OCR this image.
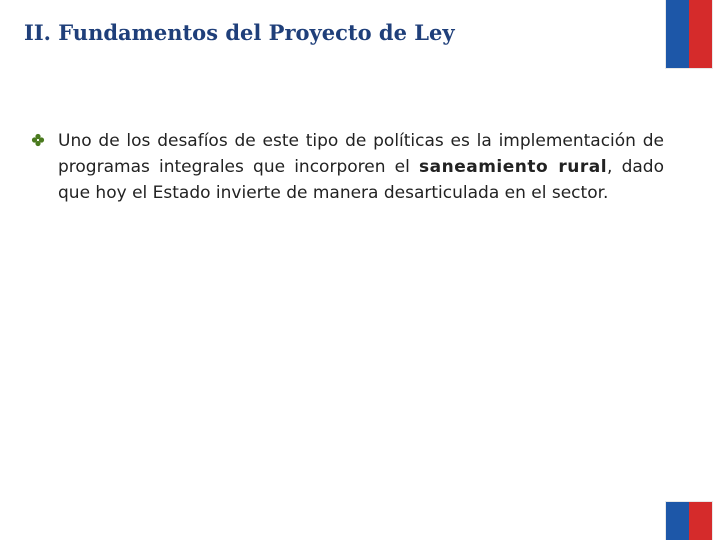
II. Fundamentos del Proyecto de Ley
Uno de los desafíos de este tipo de políticas es la implementación de programas integrales que incorporen el saneamiento rural, dado que hoy el Estado invierte de manera desarticulada en el sector.
